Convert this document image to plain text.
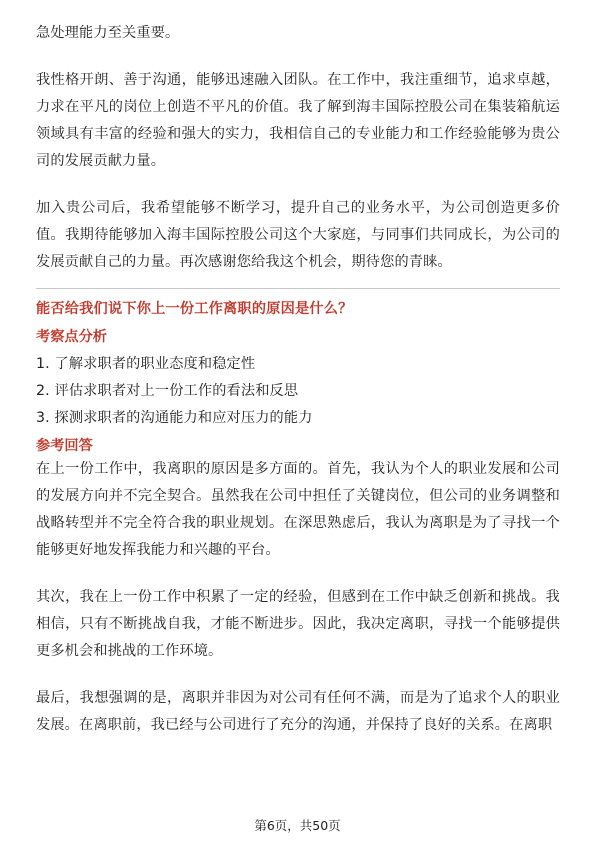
急处理能力至关重要。

我性格开朗、善于沟通，能够迅速融入团队。在工作中，我注重细节，追求卓越，力求在平凡的岗位上创造不平凡的价值。我了解到海丰国际控股公司在集装箱航运领域具有丰富的经验和强大的实力，我相信自己的专业能力和工作经验能够为贵公司的发展贡献力量。

加入贵公司后，我希望能够不断学习，提升自己的业务水平，为公司创造更多价值。我期待能够加入海丰国际控股公司这个大家庭，与同事们共同成长，为公司的发展贡献自己的力量。再次感谢您给我这个机会，期待您的青睐。

能否给我们说下你上一份工作离职的原因是什么？
考察点分析
1. 了解求职者的职业态度和稳定性
2. 评估求职者对上一份工作的看法和反思
3. 探测求职者的沟通能力和应对压力的能力
参考回答

在上一份工作中，我离职的原因是多方面的。首先，我认为个人的职业发展和公司的发展方向并不完全契合。虽然我在公司中担任了关键岗位，但公司的业务调整和战略转型并不完全符合我的职业规划。在深思熟虑后，我认为离职是为了寻找一个能够更好地发挥我能力和兴趣的平台。

其次，我在上一份工作中积累了一定的经验，但感到在工作中缺乏创新和挑战。我相信，只有不断挑战自我，才能不断进步。因此，我决定离职，寻找一个能够提供更多机会和挑战的工作环境。

最后，我想强调的是，离职并非因为对公司有任何不满，而是为了追求个人的职业发展。在离职前，我已经与公司进行了充分的沟通，并保持了良好的关系。在离职

第6页，共50页
